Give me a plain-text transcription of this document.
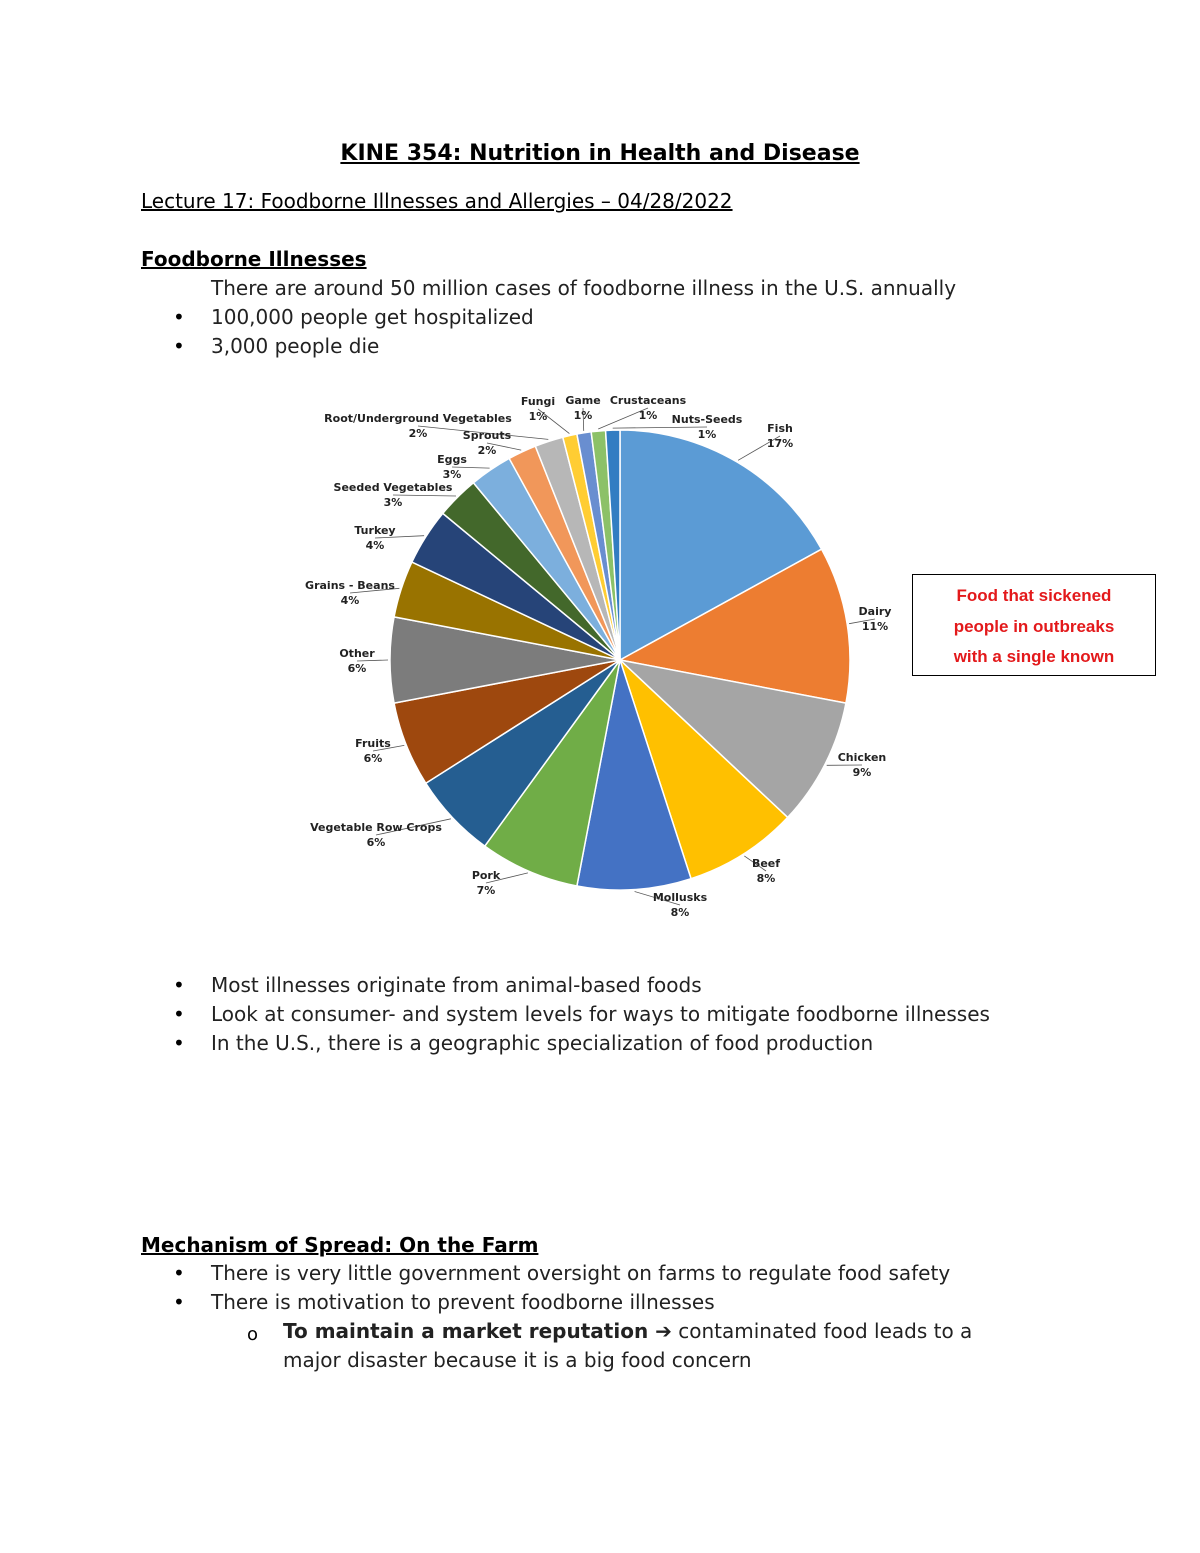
KINE 354: Nutrition in Health and Disease
Lecture 17: Foodborne Illnesses and Allergies – 04/28/2022
Foodborne Illnesses
There are around 50 million cases of foodborne illness in the U.S. annually
• 100,000 people get hospitalized
• 3,000 people die
Fish
17%
Dairy
11%
Chicken
9%
Beef
8%
Mollusks
8%
Pork
7%
Vegetable Row Crops
6%
Fruits
6%
Other
6%
Grains - Beans
4%
Turkey
4%
Seeded Vegetables
3%
Eggs
3%
Sprouts
2%
Root/Underground Vegetables
2%
Fungi
1%
Game
1%
Crustaceans
1% Nuts-Seeds
1%
Food that sickened
people in outbreaks
with a single known
• Most illnesses originate from animal-based foods
• Look at consumer- and system levels for ways to mitigate foodborne illnesses
• In the U.S., there is a geographic specialization of food production
Mechanism of Spread: On the Farm
• There is very little government oversight on farms to regulate food safety
• There is motivation to prevent foodborne illnesses
o To maintain a market reputation ➔ contaminated food leads to a
major disaster because it is a big food concern
